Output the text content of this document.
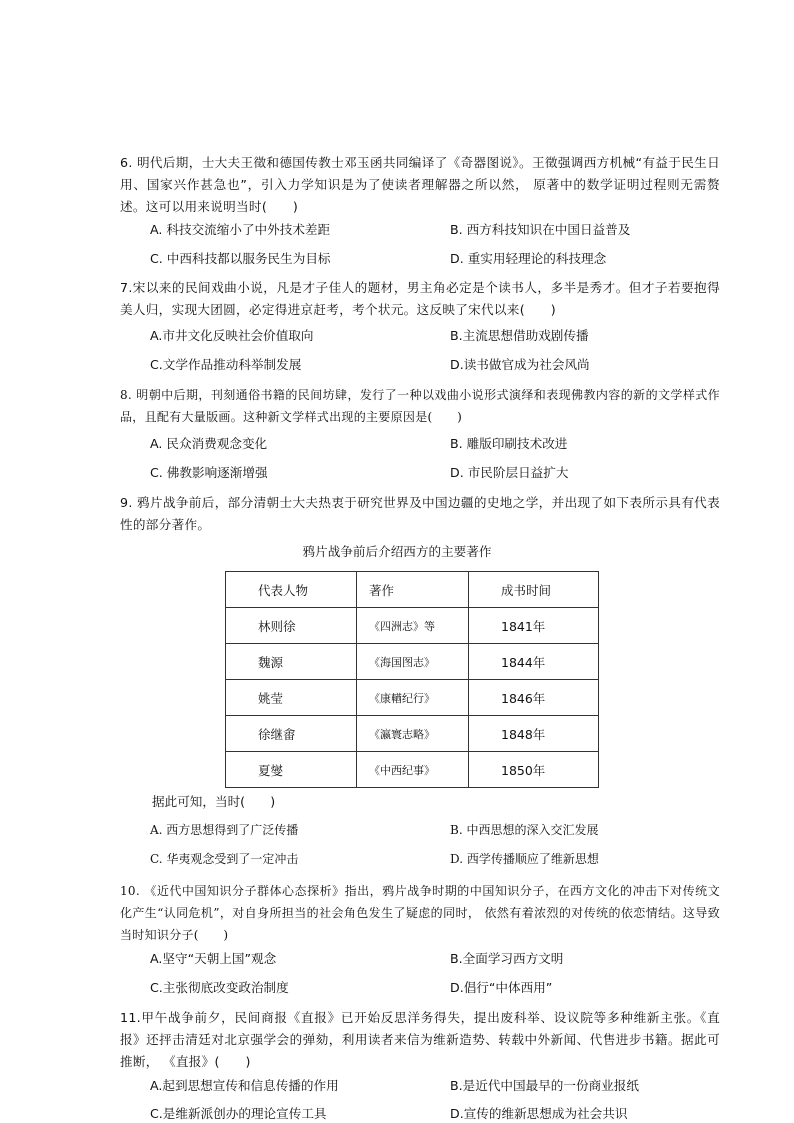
6. 明代后期，士大夫王徵和德国传教士邓玉函共同编译了《奇器图说》。王徵强调西方机械“有益于民生日用、国家兴作甚急也”，引入力学知识是为了使读者理解器之所以然， 原著中的数学证明过程则无需赘述。这可以用来说明当时(　　)
A. 科技交流缩小了中外技术差距	B. 西方科技知识在中国日益普及
C. 中西科技都以服务民生为目标	D. 重实用轻理论的科技理念
7.宋以来的民间戏曲小说，凡是才子佳人的题材，男主角必定是个读书人，多半是秀才。但才子若要抱得美人归，实现大团圆，必定得进京赶考，考个状元。这反映了宋代以来(　　)
A.市井文化反映社会价值取向	B.主流思想借助戏剧传播
C.文学作品推动科举制发展	D.读书做官成为社会风尚
8. 明朝中后期，刊刻通俗书籍的民间坊肆，发行了一种以戏曲小说形式演绎和表现佛教内容的新的文学样式作品，且配有大量版画。这种新文学样式出现的主要原因是(　　)
A. 民众消费观念变化	B. 雕版印刷技术改进
C. 佛教影响逐渐增强	D. 市民阶层日益扩大
9. 鸦片战争前后，部分清朝士大夫热衷于研究世界及中国边疆的史地之学，并出现了如下表所示具有代表性的部分著作。
鸦片战争前后介绍西方的主要著作
代表人物	著作	成书时间
林则徐	《四洲志》等	1841年
魏源	《海国图志》	1844年
姚莹	《康輶纪行》	1846年
徐继畬	《瀛寰志略》	1848年
夏燮	《中西纪事》	1850年
据此可知，当时(　　)
A. 西方思想得到了广泛传播	B. 中西思想的深入交汇发展
C. 华夷观念受到了一定冲击	D. 西学传播顺应了维新思想
10. 《近代中国知识分子群体心态探析》指出，鸦片战争时期的中国知识分子，在西方文化的冲击下对传统文化产生“认同危机”，对自身所担当的社会角色发生了疑虑的同时， 依然有着浓烈的对传统的依恋情结。这导致当时知识分子(　　)
A.坚守“天朝上国”观念	B.全面学习西方文明
C.主张彻底改变政治制度	D.倡行“中体西用”
11.甲午战争前夕，民间商报《直报》已开始反思洋务得失，提出废科举、设议院等多种维新主张。《直报》还抨击清廷对北京强学会的弹劾，利用读者来信为维新造势、转载中外新闻、代售进步书籍。据此可推断， 《直报》(　　)
A.起到思想宣传和信息传播的作用	B.是近代中国最早的一份商业报纸
C.是维新派创办的理论宣传工具	D.宣传的维新思想成为社会共识
